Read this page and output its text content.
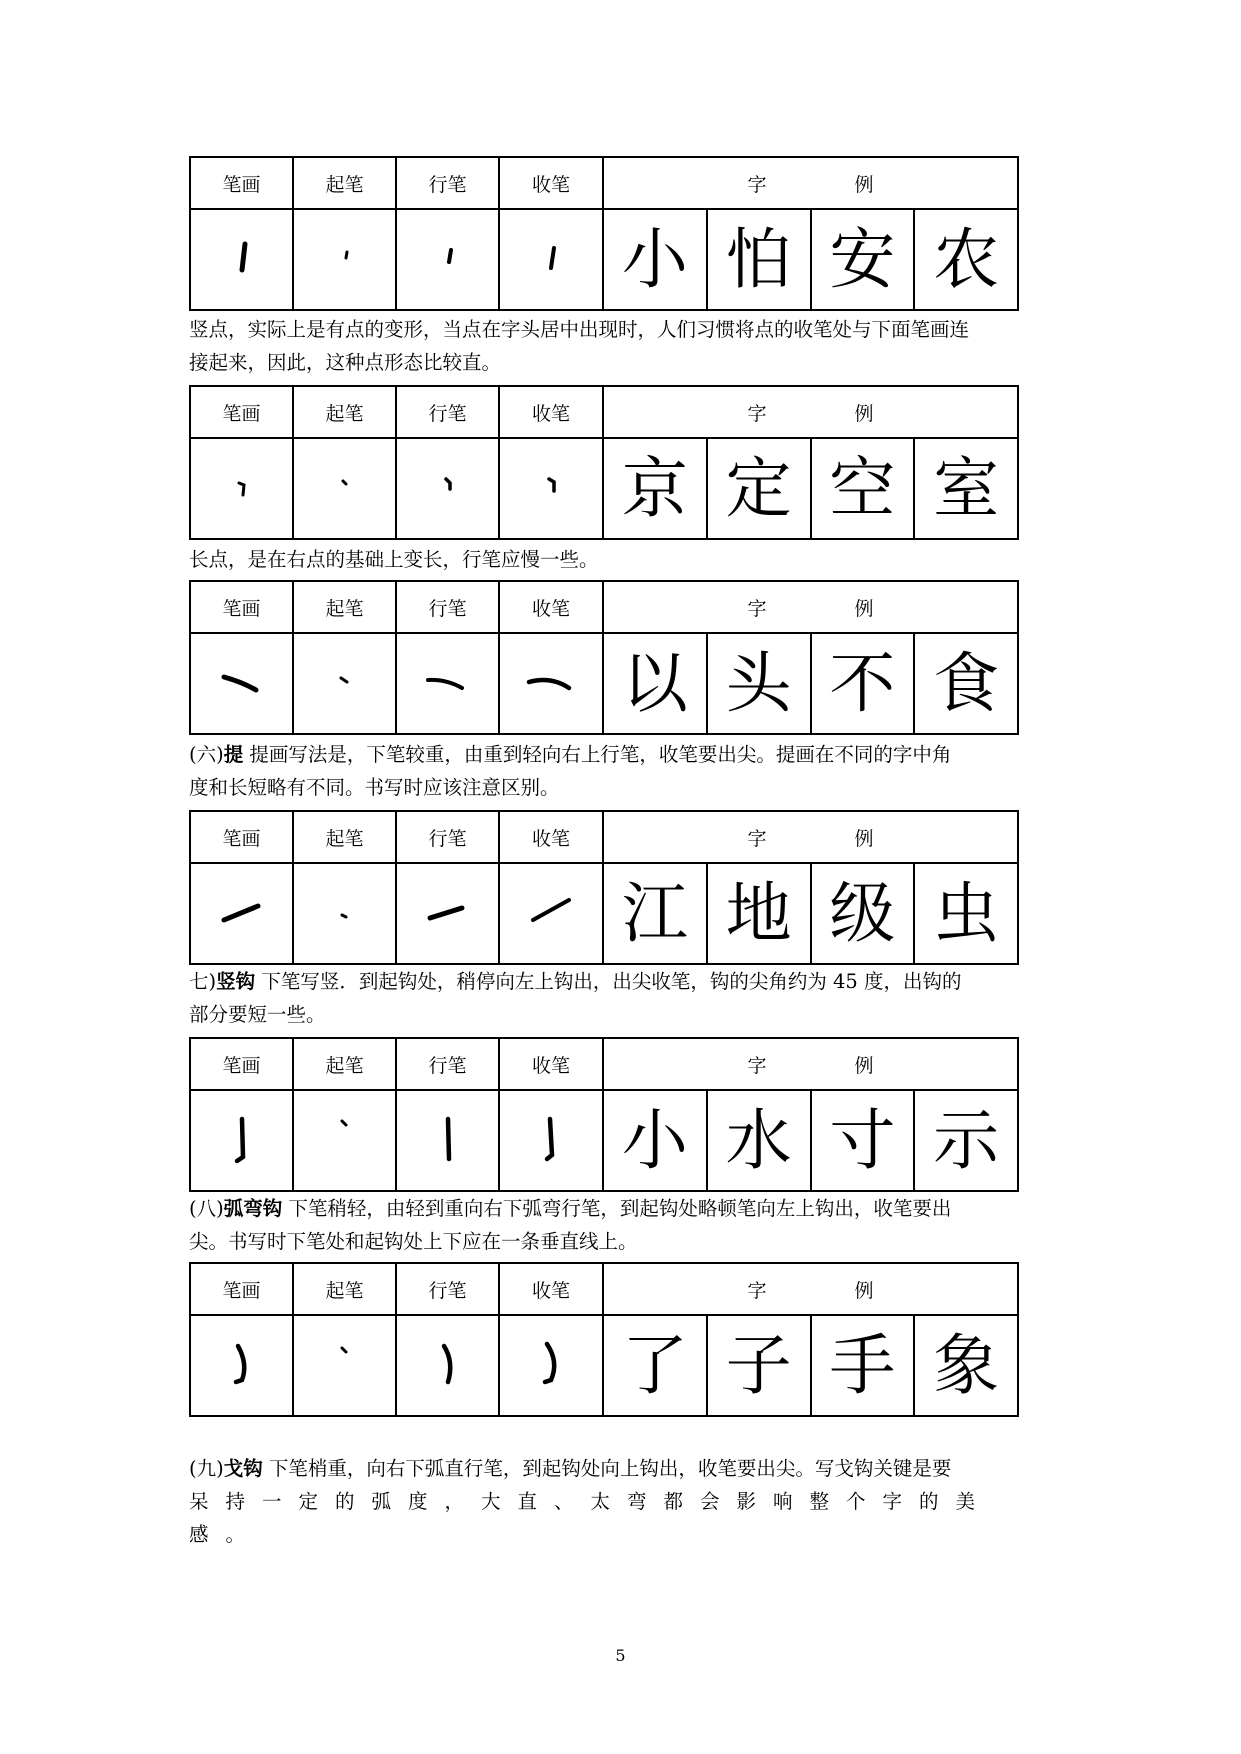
笔画	起笔	行笔	收笔	字 例			
				小	怕	安	农

竖点，实际上是有点的变形，当点在字头居中出现时，人们习惯将点的收笔处与下面笔画连
接起来，因此，这种点形态比较直。

笔画	起笔	行笔	收笔	字 例			
				京	定	空	室

长点，是在右点的基础上变长，行笔应慢一些。

笔画	起笔	行笔	收笔	字 例			
				以	头	不	食

(六)提 提画写法是，下笔较重，由重到轻向右上行笔，收笔要出尖。提画在不同的字中角
度和长短略有不同。书写时应该注意区别。

笔画	起笔	行笔	收笔	字 例			
				江	地	级	虫

七)竖钩 下笔写竖．到起钩处，稍停向左上钩出，出尖收笔，钩的尖角约为 45 度，出钩的
部分要短一些。

笔画	起笔	行笔	收笔	字 例			
				小	水	寸	示

(八)弧弯钩 下笔稍轻，由轻到重向右下弧弯行笔，到起钩处略顿笔向左上钩出，收笔要出
尖。书写时下笔处和起钩处上下应在一条垂直线上。

笔画	起笔	行笔	收笔	字 例			
				了	子	手	象

(九)戈钩 下笔梢重，向右下弧直行笔，到起钩处向上钩出，收笔要出尖。写戈钩关键是要
呆持一定的弧度，大直、太弯都会影响整个字的美感。

5
